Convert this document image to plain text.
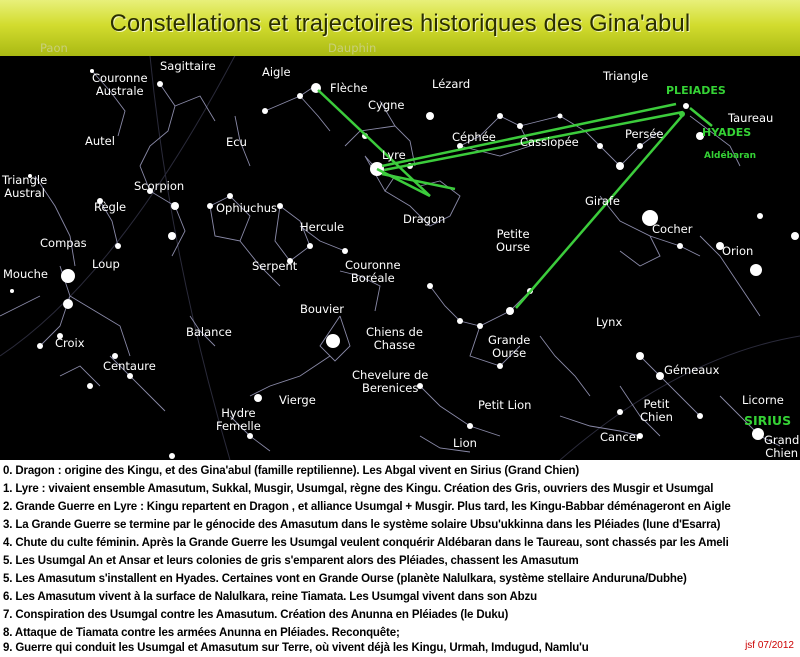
Constellations et trajectoires historiques des Gina'abul
Paon	Dauphin
Sagittaire	Aigle
Flèche	Lézard
Triangle
Couronne
Australe
Cygne
Autel	Ecu
Lyre
Céphée Cassiopée
Persée
Taureau
Triangle
Austral	Scorpion
Règle	Ophiuchus
Dragon
Girafe
Hercule	Petite
Ourse
Cocher
Compas
Loup	Serpent	Couronne
Boréale
Orion
Mouche
Bouvier
Lynx
Balance	Chiens de
Chasse
Croix	Grande
Ourse
Centaure
Chevelure de
Berenices
Gémeaux
Licorne
Vierge	Petit Lion	Petit
Chien
Hydre
Femelle
Cancer
Lion	Grand
Chien
PLEIADES
HYADES
Aldébaran
SIRIUS
0. Dragon : origine des Kingu, et des Gina'abul (famille reptilienne). Les Abgal vivent en Sirius (Grand Chien)
1. Lyre : vivaient ensemble Amasutum, Sukkal, Musgir, Usumgal, règne des Kingu. Création des Gris, ouvriers des Musgir et Usumgal
2. Grande Guerre en Lyre : Kingu repartent en Dragon , et alliance Usumgal + Musgir. Plus tard, les Kingu-Babbar déménageront en Aigle
3. La Grande Guerre se termine par le génocide des Amasutum dans le système solaire Ubsu'ukkinna dans les Pléiades (lune d'Esarra)
4. Chute du culte féminin. Après la Grande Guerre les Usumgal veulent conquérir Aldébaran dans le Taureau, sont chassés par les Ameli
5. Les Usumgal An et Ansar et leurs colonies de gris s'emparent alors des Pléiades, chassent les Amasutum
5. Les Amasutum s'installent en Hyades. Certaines vont en Grande Ourse (planète Nalulkara, système stellaire Anduruna/Dubhe)
6. Les Amasutum vivent à la surface de Nalulkara, reine Tiamata. Les Usumgal vivent dans son Abzu
7. Conspiration des Usumgal contre les Amasutum. Création des Anunna en Pléiades (le Duku)
8. Attaque de Tiamata contre les armées Anunna en Pléiades. Reconquête;
9. Guerre qui conduit les Usumgal et Amasutum sur Terre, où vivent déjà les Kingu, Urmah, Imdugud, Namlu'u	jsf 07/2012
